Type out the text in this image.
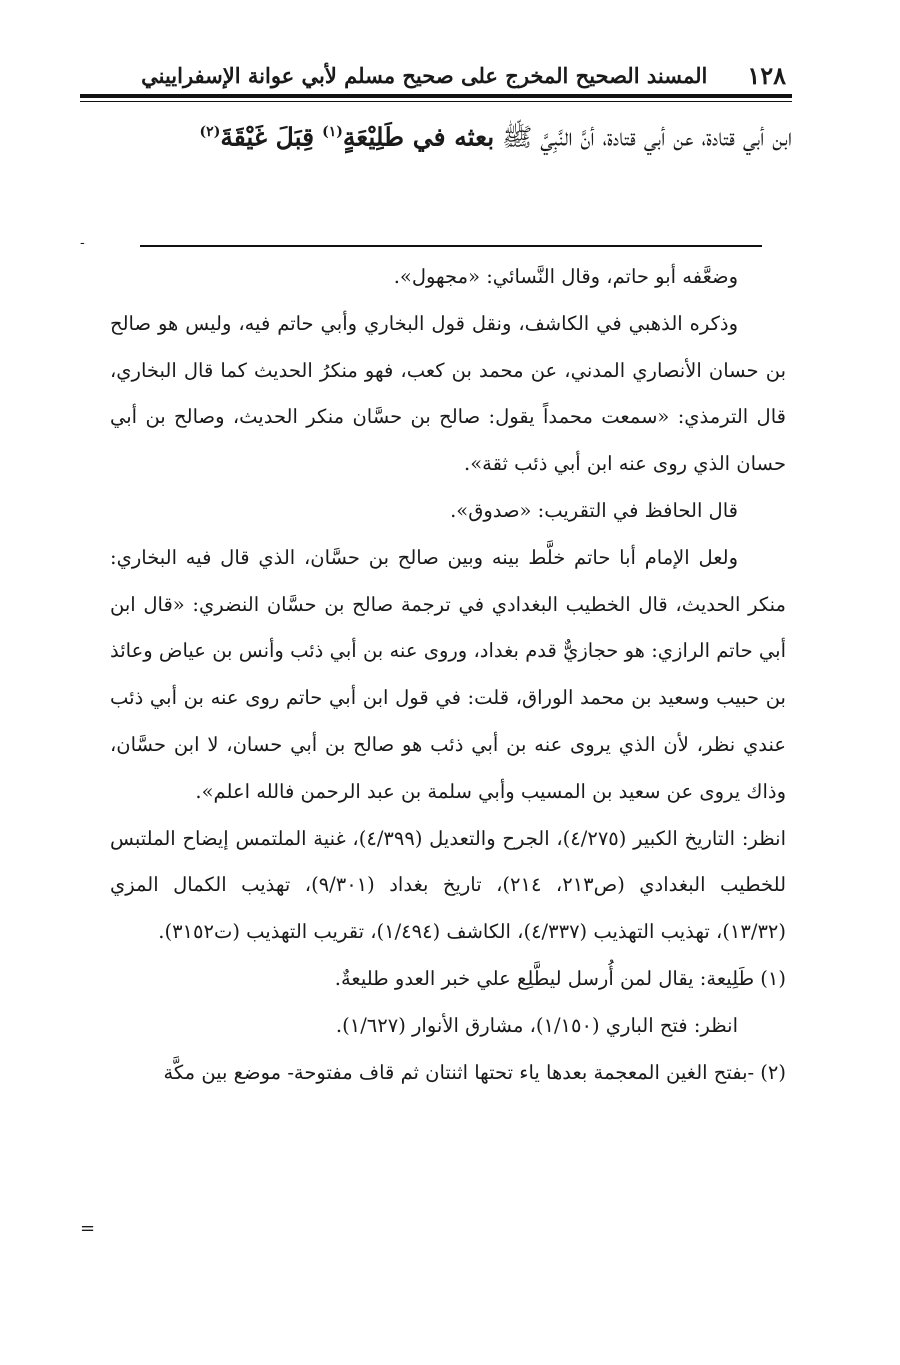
١٢٨
المسند الصحيح المخرج على صحيح مسلم لأبي عوانة الإسفراييني
ابن أبي قتادة، عن أبي قتادة، أنَّ النَّبِيَّ ﷺ بعثه في طَلِيْعَةٍ$^{(١)}$ قِبَلَ غَيْقَةَ$^{(٢)}$
-

وضعَّفه أبو حاتم، وقال النَّسائي: «مجهول».

وذكره الذهبي في الكاشف، ونقل قول البخاري وأبي حاتم فيه، وليس هو صالح بن حسان الأنصاري المدني، عن محمد بن كعب، فهو منكرُ الحديث كما قال البخاري، قال الترمذي: «سمعت محمداً يقول: صالح بن حسَّان منكر الحديث، وصالح بن أبي حسان الذي روى عنه ابن أبي ذئب ثقة».

قال الحافظ في التقريب: «صدوق».

ولعل الإمام أبا حاتم خلَّط بينه وبين صالح بن حسَّان، الذي قال فيه البخاري: منكر الحديث، قال الخطيب البغدادي في ترجمة صالح بن حسَّان النضري: «قال ابن أبي حاتم الرازي: هو حجازيٌّ قدم بغداد، وروى عنه بن أبي ذئب وأنس بن عياض وعائذ بن حبيب وسعيد بن محمد الوراق، قلت: في قول ابن أبي حاتم روى عنه بن أبي ذئب عندي نظر، لأن الذي يروى عنه بن أبي ذئب هو صالح بن أبي حسان، لا ابن حسَّان، وذاك يروى عن سعيد بن المسيب وأبي سلمة بن عبد الرحمن فالله اعلم».

انظر: التاريخ الكبير (٤/٢٧٥)، الجرح والتعديل (٤/٣٩٩)، غنية الملتمس إيضاح الملتبس للخطيب البغدادي (ص٢١٣، ٢١٤)، تاريخ بغداد (٩/٣٠١)، تهذيب الكمال المزي (١٣/٣٢)، تهذيب التهذيب (٤/٣٣٧)، الكاشف (١/٤٩٤)، تقريب التهذيب (ت٣١٥٢).

(١) طَلِيعة: يقال لمن أُرسل ليطَّلِع علي خبر العدو طليعةٌ.

انظر: فتح الباري (١/١٥٠)، مشارق الأنوار (١/٦٢٧).

(٢) -بفتح الغين المعجمة بعدها ياء تحتها اثنتان ثم قاف مفتوحة- موضع بين مكَّة

=
